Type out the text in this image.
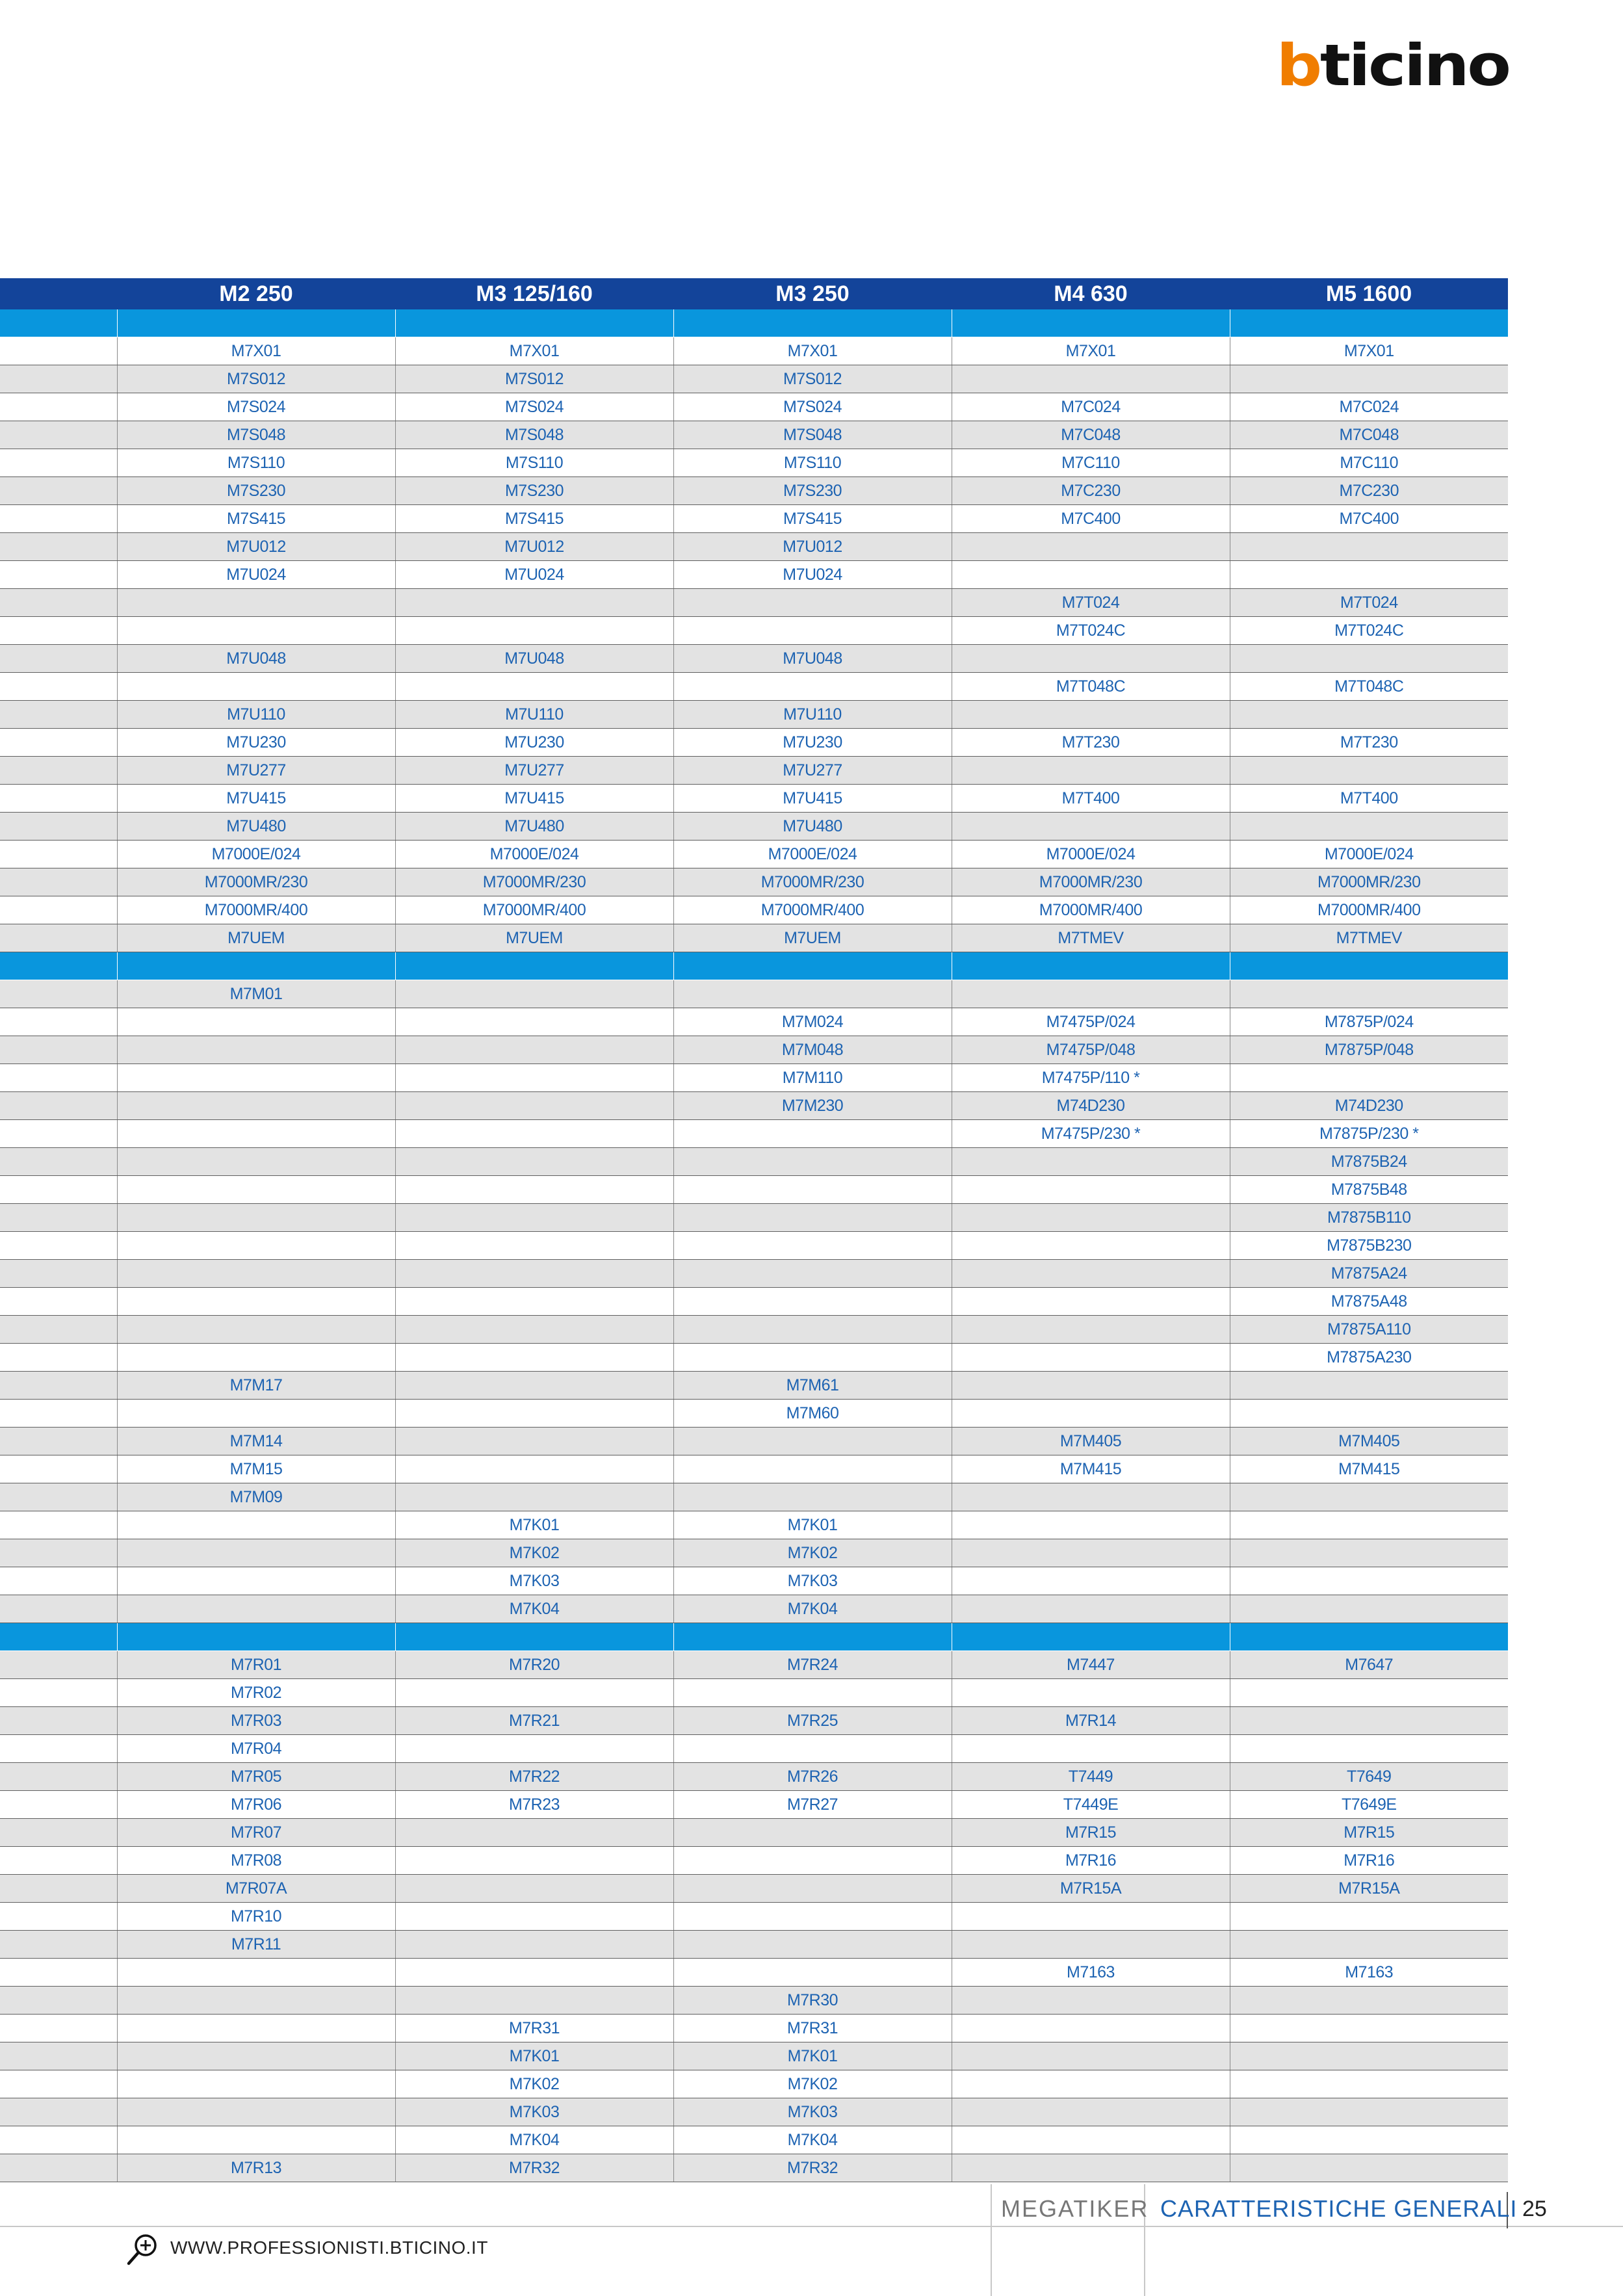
b ticino
	M2 250	M3 125/160	M3 250	M4 630	M5 1600

	M7X01	M7X01	M7X01	M7X01	M7X01
	M7S012	M7S012	M7S012		
	M7S024	M7S024	M7S024	M7C024	M7C024
	M7S048	M7S048	M7S048	M7C048	M7C048
	M7S110	M7S110	M7S110	M7C110	M7C110
	M7S230	M7S230	M7S230	M7C230	M7C230
	M7S415	M7S415	M7S415	M7C400	M7C400
	M7U012	M7U012	M7U012		
	M7U024	M7U024	M7U024		
				M7T024	M7T024
				M7T024C	M7T024C
	M7U048	M7U048	M7U048		
				M7T048C	M7T048C
	M7U110	M7U110	M7U110		
	M7U230	M7U230	M7U230	M7T230	M7T230
	M7U277	M7U277	M7U277		
	M7U415	M7U415	M7U415	M7T400	M7T400
	M7U480	M7U480	M7U480		
	M7000E/024	M7000E/024	M7000E/024	M7000E/024	M7000E/024
	M7000MR/230	M7000MR/230	M7000MR/230	M7000MR/230	M7000MR/230
	M7000MR/400	M7000MR/400	M7000MR/400	M7000MR/400	M7000MR/400
	M7UEM	M7UEM	M7UEM	M7TMEV	M7TMEV

	M7M01				
			M7M024	M7475P/024	M7875P/024
			M7M048	M7475P/048	M7875P/048
			M7M110	M7475P/110 *	
			M7M230	M74D230	M74D230
				M7475P/230 *	M7875P/230 *
					M7875B24
					M7875B48
					M7875B110
					M7875B230
					M7875A24
					M7875A48
					M7875A110
					M7875A230
	M7M17		M7M61		
			M7M60		
	M7M14			M7M405	M7M405
	M7M15			M7M415	M7M415
	M7M09				
		M7K01	M7K01		
		M7K02	M7K02		
		M7K03	M7K03		
		M7K04	M7K04		

	M7R01	M7R20	M7R24	M7447	M7647
	M7R02				
	M7R03	M7R21	M7R25	M7R14	
	M7R04				
	M7R05	M7R22	M7R26	T7449	T7649
	M7R06	M7R23	M7R27	T7449E	T7649E
	M7R07			M7R15	M7R15
	M7R08			M7R16	M7R16
	M7R07A			M7R15A	M7R15A
	M7R10				
	M7R11				
				M7163	M7163
			M7R30		
		M7R31	M7R31		
		M7K01	M7K01		
		M7K02	M7K02		
		M7K03	M7K03		
		M7K04	M7K04		
	M7R13	M7R32	M7R32		
MEGATIKER CARATTERISTICHE GENERALI 25
WWW.PROFESSIONISTI.BTICINO.IT
